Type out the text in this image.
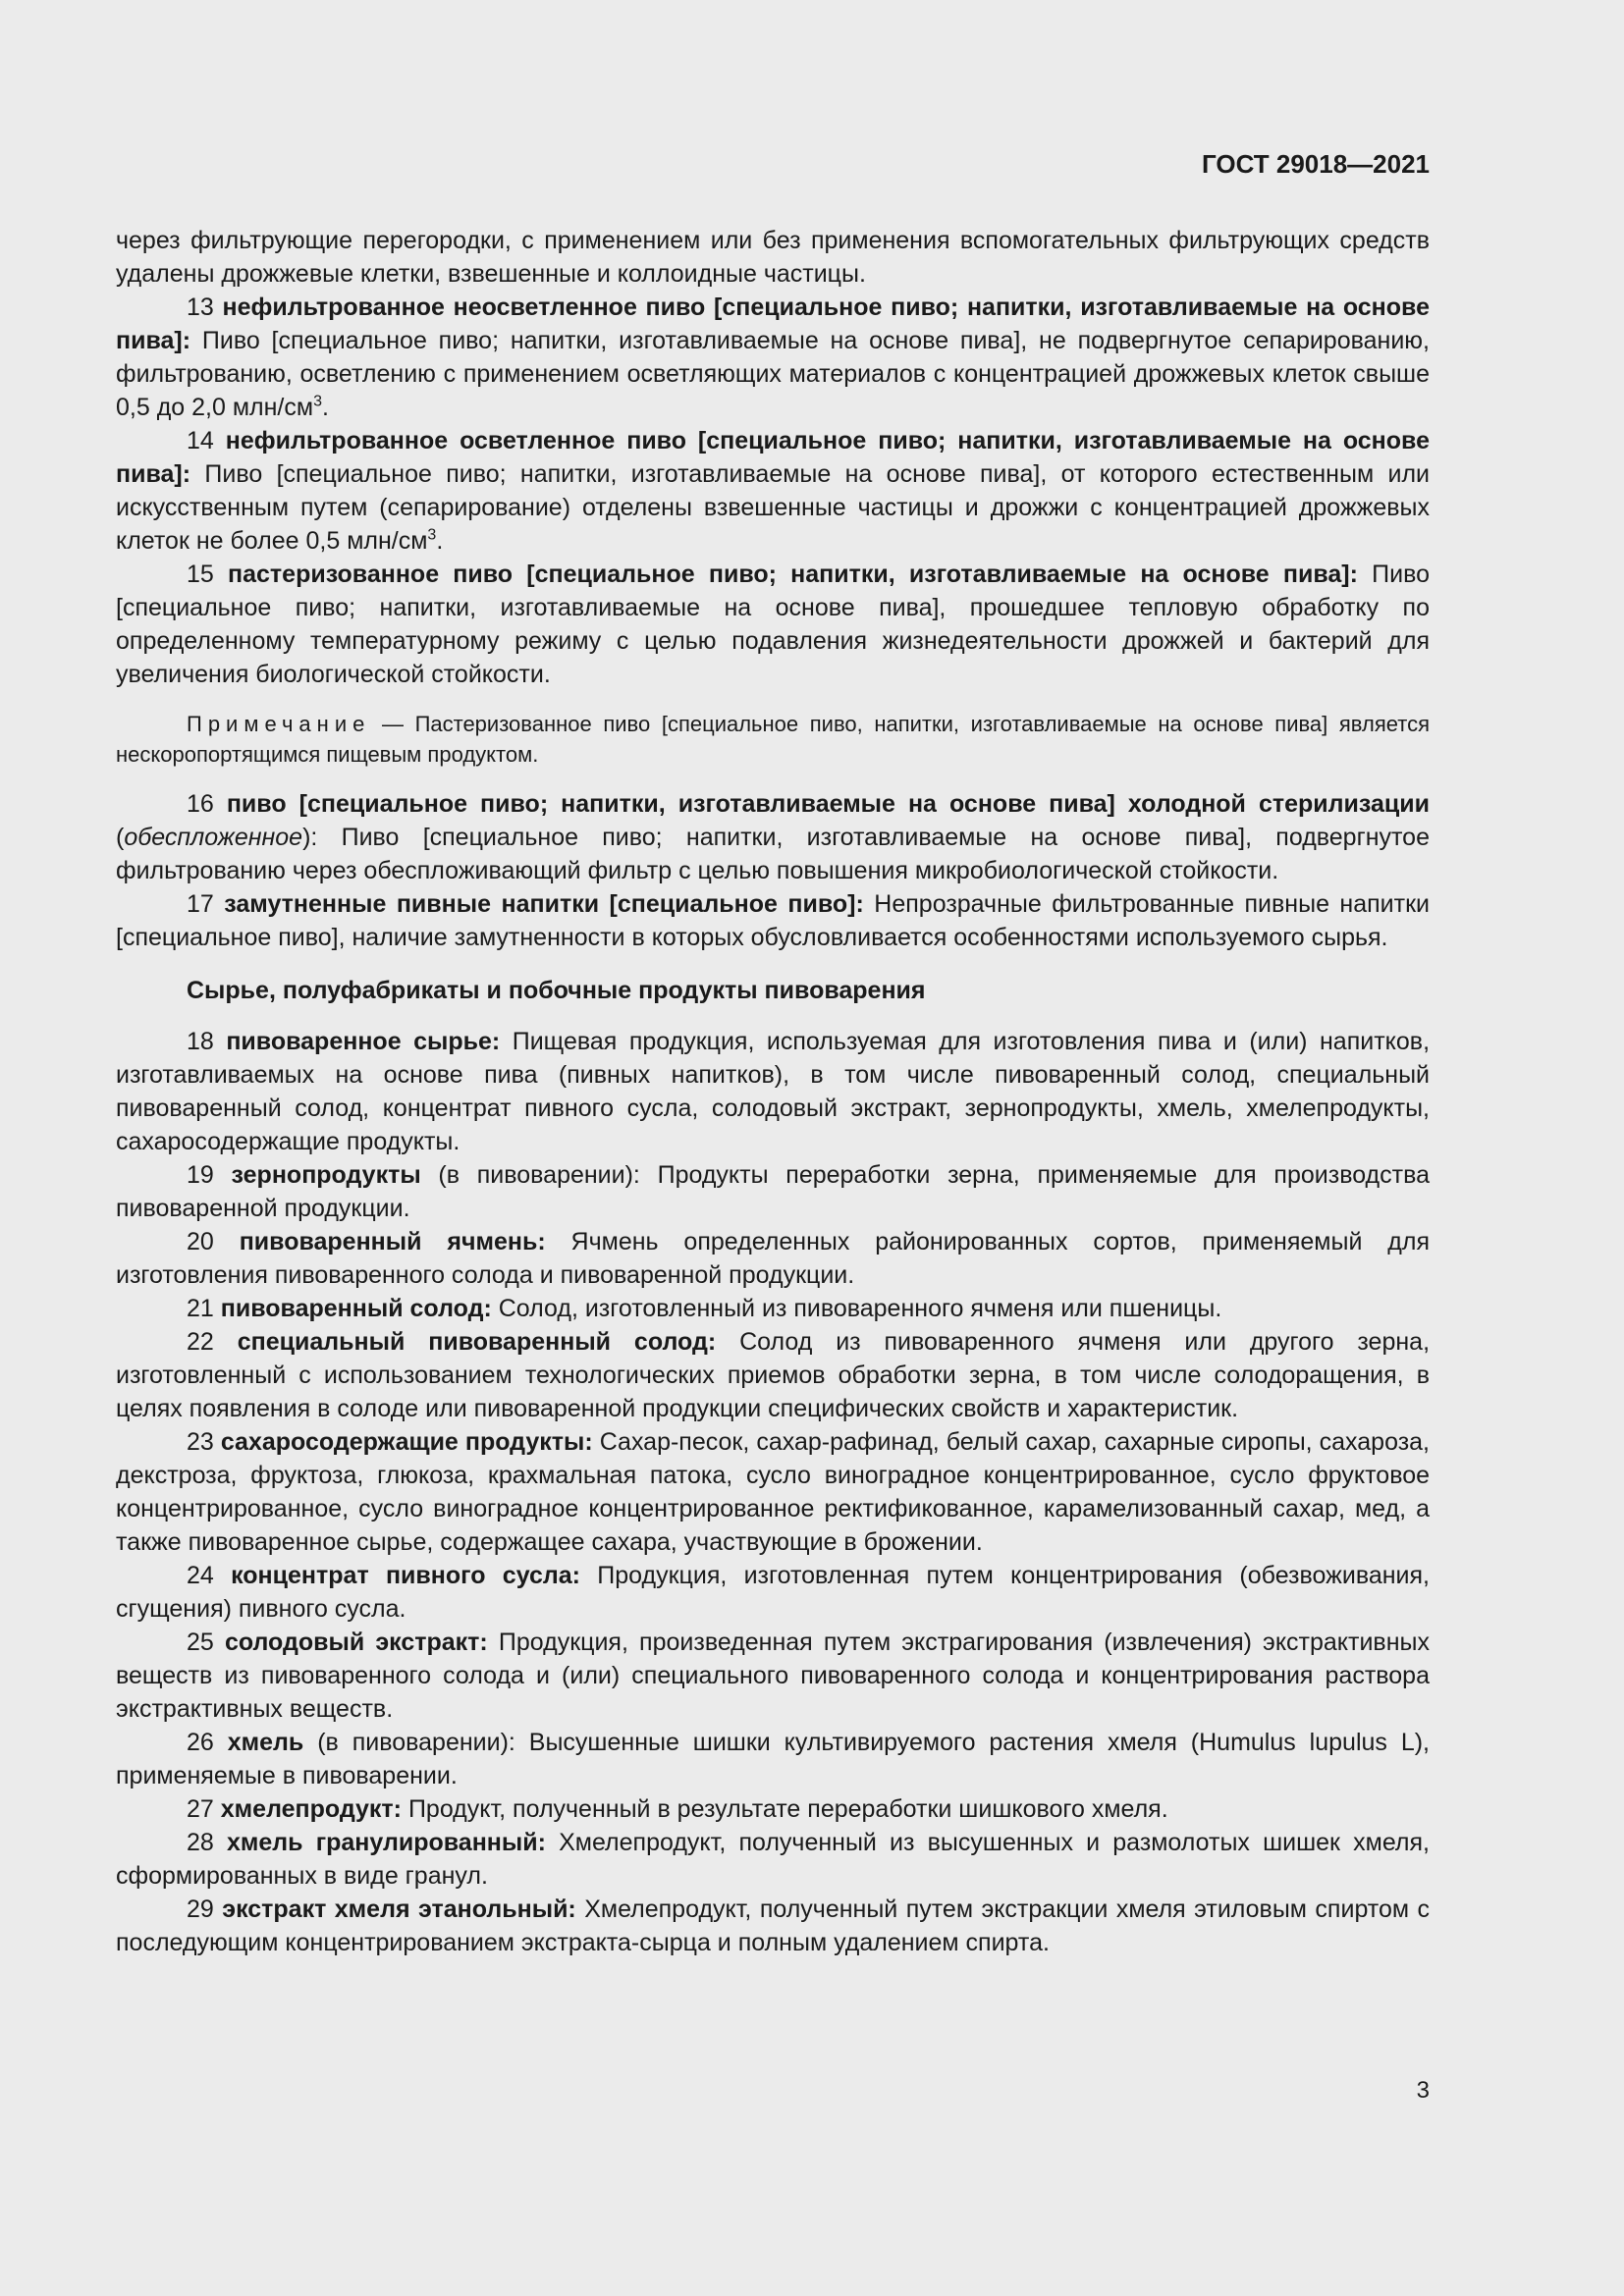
ГОСТ 29018—2021

через фильтрующие перегородки, с применением или без применения вспомогательных фильтрующих средств удалены дрожжевые клетки, взвешенные и коллоидные частицы.

13 нефильтрованное неосветленное пиво [специальное пиво; напитки, изготавливаемые на основе пива]: Пиво [специальное пиво; напитки, изготавливаемые на основе пива], не подвергнутое сепарированию, фильтрованию, осветлению с применением осветляющих материалов с концентрацией дрожжевых клеток свыше 0,5 до 2,0 млн/$см^3$.

14 нефильтрованное осветленное пиво [специальное пиво; напитки, изготавливаемые на основе пива]: Пиво [специальное пиво; напитки, изготавливаемые на основе пива], от которого естественным или искусственным путем (сепарирование) отделены взвешенные частицы и дрожжи с концентрацией дрожжевых клеток не более 0,5 млн/$см^3$.

15 пастеризованное пиво [специальное пиво; напитки, изготавливаемые на основе пива]: Пиво [специальное пиво; напитки, изготавливаемые на основе пива], прошедшее тепловую обработку по определенному температурному режиму с целью подавления жизнедеятельности дрожжей и бактерий для увеличения биологической стойкости.

Примечание — Пастеризованное пиво [специальное пиво, напитки, изготавливаемые на основе пива] является нескоропортящимся пищевым продуктом.

16 пиво [специальное пиво; напитки, изготавливаемые на основе пива] холодной стерилизации (обеспложенное): Пиво [специальное пиво; напитки, изготавливаемые на основе пива], подвергнутое фильтрованию через обеспложивающий фильтр с целью повышения микробиологической стойкости.

17 замутненные пивные напитки [специальное пиво]: Непрозрачные фильтрованные пивные напитки [специальное пиво], наличие замутненности в которых обусловливается особенностями используемого сырья.

Сырье, полуфабрикаты и побочные продукты пивоварения

18 пивоваренное сырье: Пищевая продукция, используемая для изготовления пива и (или) напитков, изготавливаемых на основе пива (пивных напитков), в том числе пивоваренный солод, специальный пивоваренный солод, концентрат пивного сусла, солодовый экстракт, зернопродукты, хмель, хмелепродукты, сахаросодержащие продукты.

19 зернопродукты (в пивоварении): Продукты переработки зерна, применяемые для производства пивоваренной продукции.

20 пивоваренный ячмень: Ячмень определенных районированных сортов, применяемый для изготовления пивоваренного солода и пивоваренной продукции.

21 пивоваренный солод: Солод, изготовленный из пивоваренного ячменя или пшеницы.

22 специальный пивоваренный солод: Солод из пивоваренного ячменя или другого зерна, изготовленный с использованием технологических приемов обработки зерна, в том числе солодоращения, в целях появления в солоде или пивоваренной продукции специфических свойств и характеристик.

23 сахаросодержащие продукты: Сахар-песок, сахар-рафинад, белый сахар, сахарные сиропы, сахароза, декстроза, фруктоза, глюкоза, крахмальная патока, сусло виноградное концентрированное, сусло фруктовое концентрированное, сусло виноградное концентрированное ректификованное, карамелизованный сахар, мед, а также пивоваренное сырье, содержащее сахара, участвующие в брожении.

24 концентрат пивного сусла: Продукция, изготовленная путем концентрирования (обезвоживания, сгущения) пивного сусла.

25 солодовый экстракт: Продукция, произведенная путем экстрагирования (извлечения) экстрактивных веществ из пивоваренного солода и (или) специального пивоваренного солода и концентрирования раствора экстрактивных веществ.

26 хмель (в пивоварении): Высушенные шишки культивируемого растения хмеля (Humulus lupulus L), применяемые в пивоварении.

27 хмелепродукт: Продукт, полученный в результате переработки шишкового хмеля.

28 хмель гранулированный: Хмелепродукт, полученный из высушенных и размолотых шишек хмеля, сформированных в виде гранул.

29 экстракт хмеля этанольный: Хмелепродукт, полученный путем экстракции хмеля этиловым спиртом с последующим концентрированием экстракта-сырца и полным удалением спирта.

3
